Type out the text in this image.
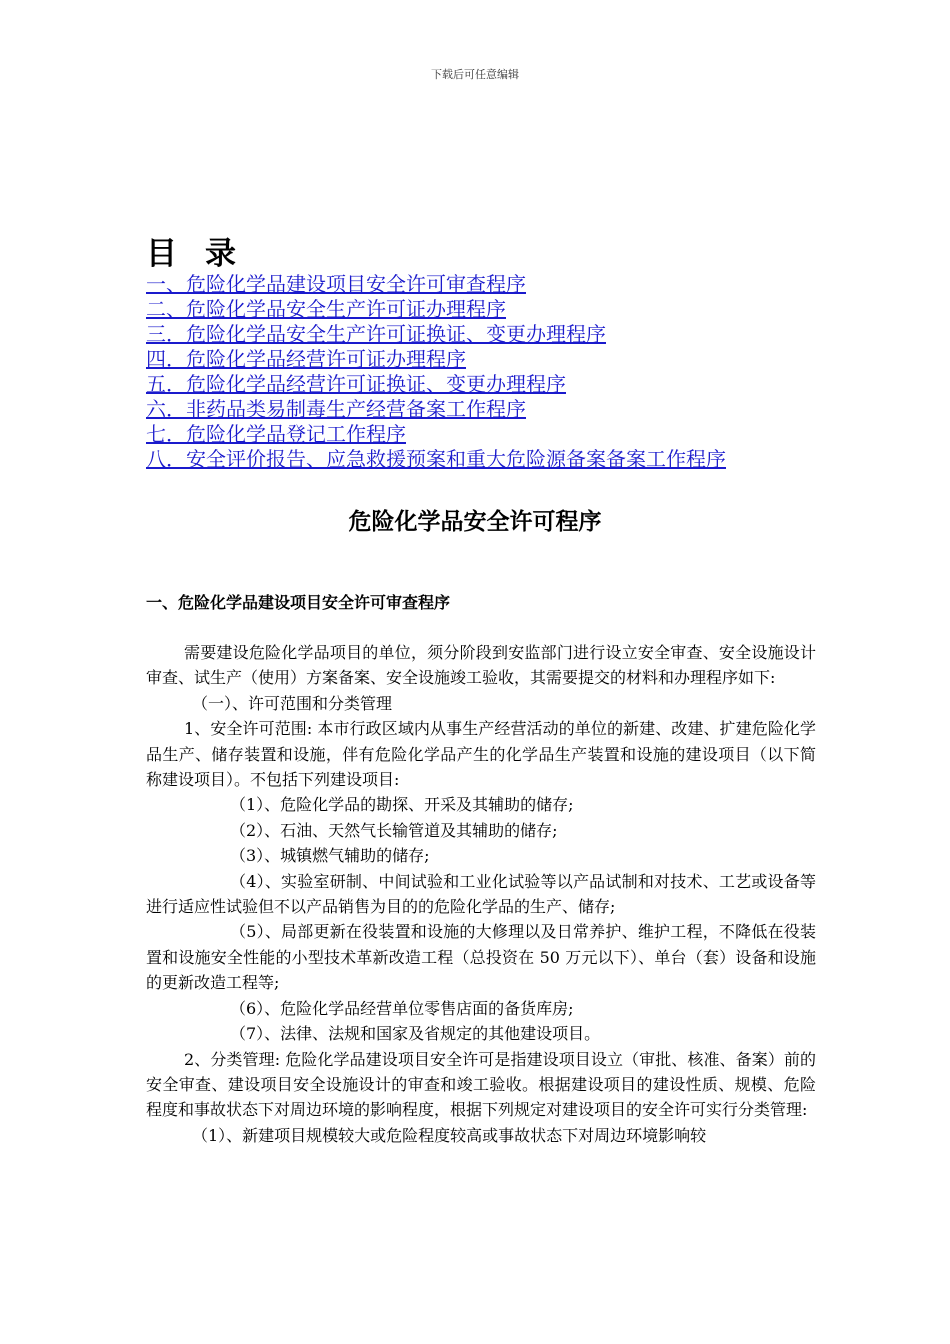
下载后可任意编辑
目录
一、危险化学品建设项目安全许可审查程序
二、危险化学品安全生产许可证办理程序
三．危险化学品安全生产许可证换证、变更办理程序
四．危险化学品经营许可证办理程序
五．危险化学品经营许可证换证、变更办理程序
六．非药品类易制毒生产经营备案工作程序
七．危险化学品登记工作程序
八．安全评价报告、应急救援预案和重大危险源备案备案工作程序
危险化学品安全许可程序
一、危险化学品建设项目安全许可审查程序

需要建设危险化学品项目的单位，须分阶段到安监部门进行设立安全审查、安全设施设计审查、试生产（使用）方案备案、安全设施竣工验收，其需要提交的材料和办理程序如下:

（一）、许可范围和分类管理

1、安全许可范围: 本市行政区域内从事生产经营活动的单位的新建、改建、扩建危险化学品生产、储存装置和设施，伴有危险化学品产生的化学品生产装置和设施的建设项目（以下简称建设项目）。不包括下列建设项目:

（1）、危险化学品的勘探、开采及其辅助的储存;

（2）、石油、天然气长输管道及其辅助的储存;

（3）、城镇燃气辅助的储存;

（4）、实验室研制、中间试验和工业化试验等以产品试制和对技术、工艺或设备等进行适应性试验但不以产品销售为目的的危险化学品的生产、储存;

（5）、局部更新在役装置和设施的大修理以及日常养护、维护工程，不降低在役装置和设施安全性能的小型技术革新改造工程（总投资在 50 万元以下）、单台（套）设备和设施的更新改造工程等;

（6）、危险化学品经营单位零售店面的备货库房;

（7）、法律、法规和国家及省规定的其他建设项目。

2、分类管理: 危险化学品建设项目安全许可是指建设项目设立（审批、核准、备案）前的安全审查、建设项目安全设施设计的审查和竣工验收。根据建设项目的建设性质、规模、危险程度和事故状态下对周边环境的影响程度，根据下列规定对建设项目的安全许可实行分类管理:

（1）、新建项目规模较大或危险程度较高或事故状态下对周边环境影响较
